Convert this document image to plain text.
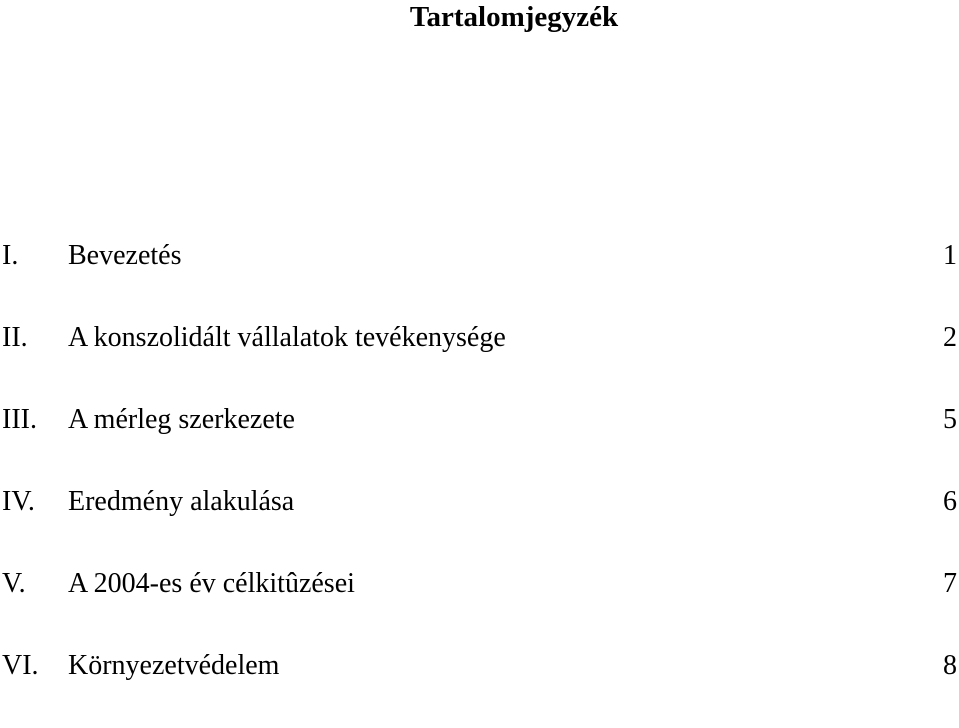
Tartalomjegyzék
I. Bevezetés	1
II. A konszolidált vállalatok tevékenysége	2
III. A mérleg szerkezete	5
IV. Eredmény alakulása	6
V. A 2004-es év célkitûzései	7
VI. Környezetvédelem	8
